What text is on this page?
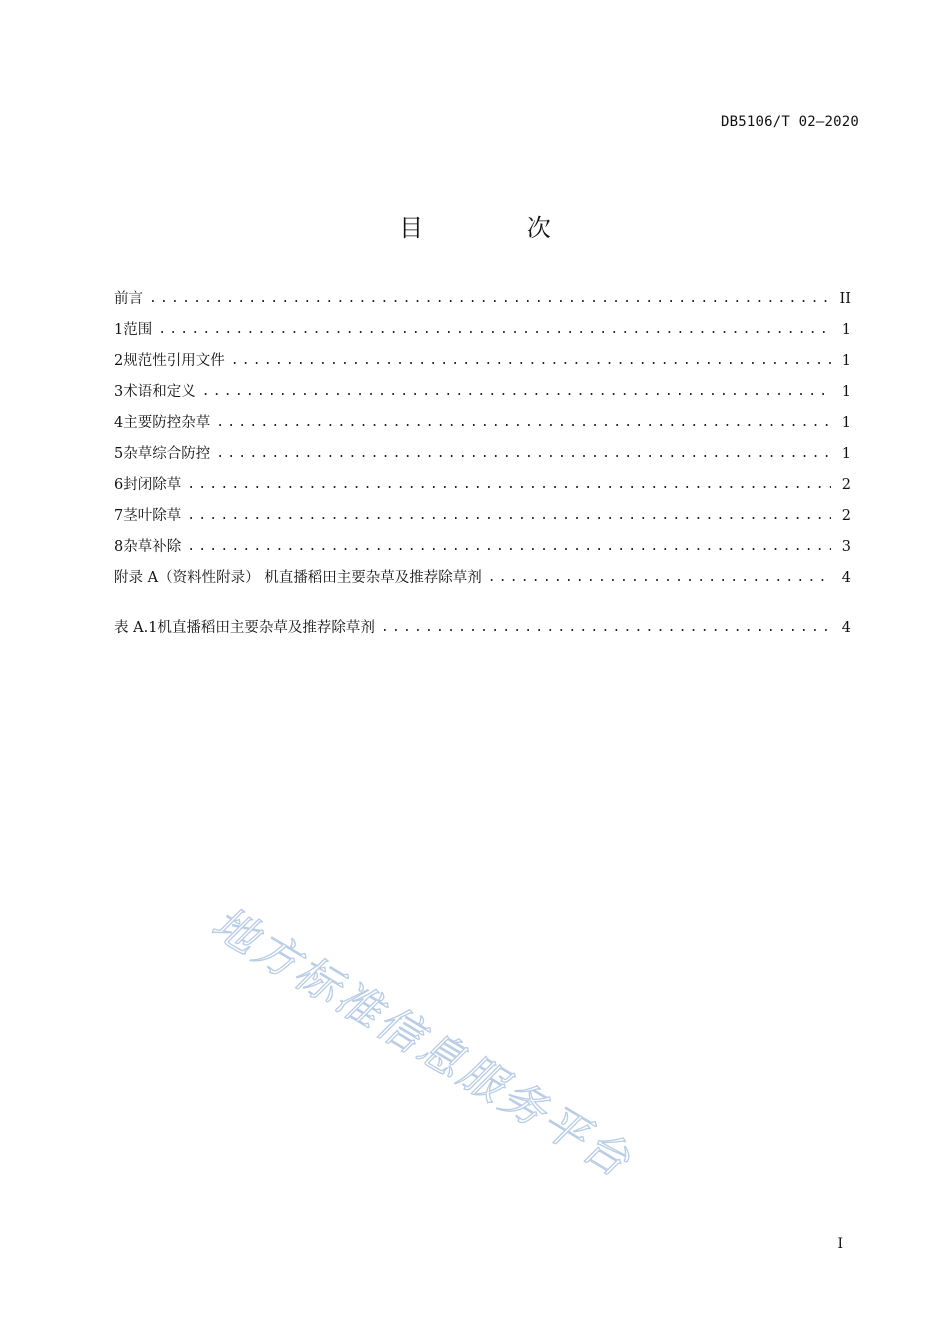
DB5106/T 02—2020
目 次
前言 .....	II
1 范围 .....	1
2 规范性引用文件 .....	1
3 术语和定义 .....	1
4 主要防控杂草 .....	1
5 杂草综合防控 .....	1
6 封闭除草 .....	2
7 茎叶除草 .....	2
8 杂草补除 .....	3
附录 A（资料性附录） 机直播稻田主要杂草及推荐除草剂 .....	4
表 A.1 机直播稻田主要杂草及推荐除草剂 .....	4
地方标准信息服务平台
I
